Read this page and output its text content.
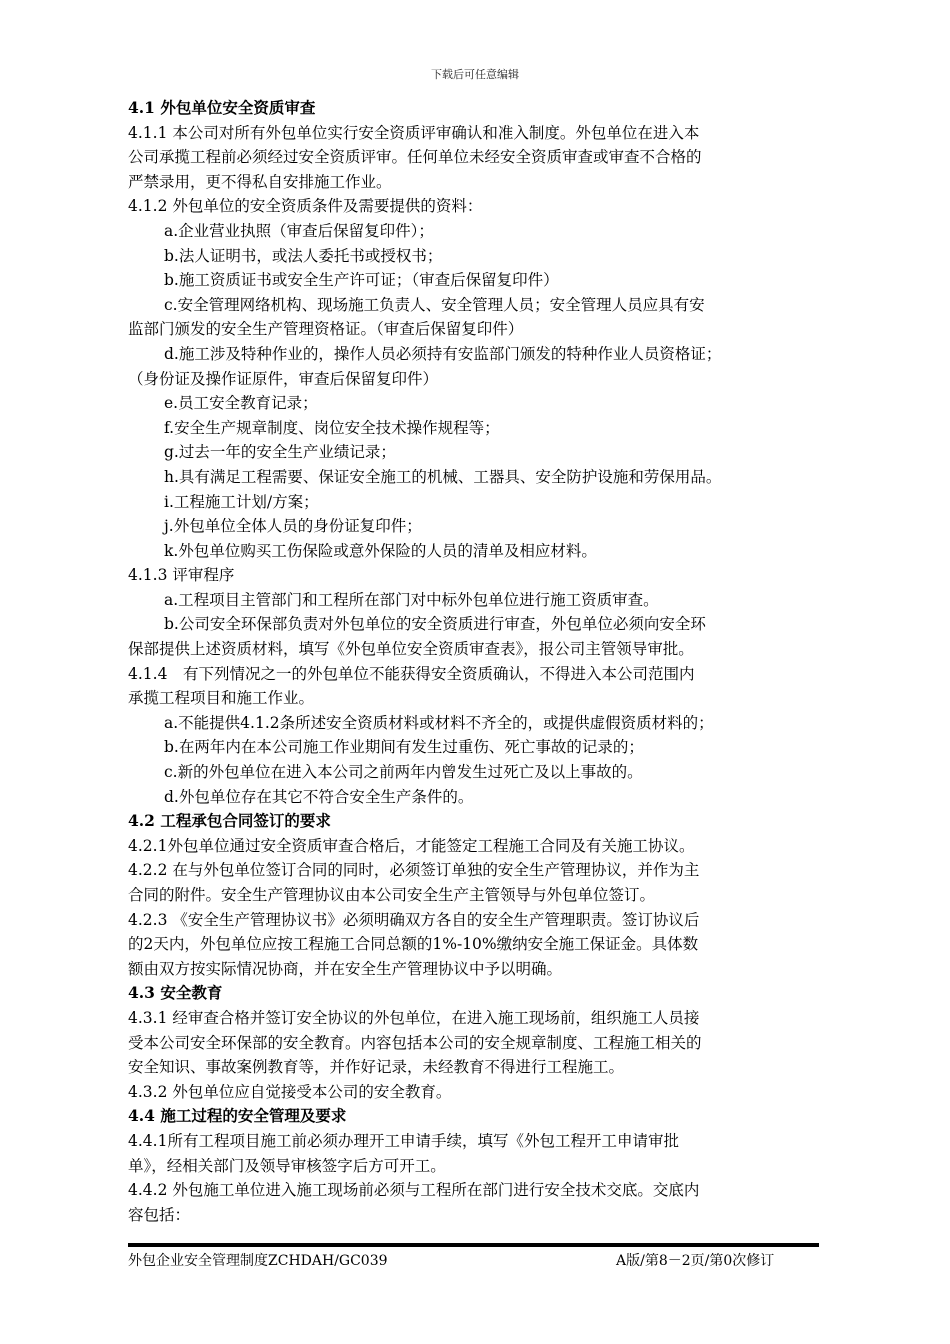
下载后可任意编辑
4.1 外包单位安全资质审查
4.1.1 本公司对所有外包单位实行安全资质评审确认和准入制度。外包单位在进入本
公司承揽工程前必须经过安全资质评审。任何单位未经安全资质审查或审查不合格的
严禁录用，更不得私自安排施工作业。
4.1.2 外包单位的安全资质条件及需要提供的资料：
a.企业营业执照（审查后保留复印件）；
b.法人证明书，或法人委托书或授权书；
b.施工资质证书或安全生产许可证；（审查后保留复印件）
c.安全管理网络机构、现场施工负责人、安全管理人员；安全管理人员应具有安
监部门颁发的安全生产管理资格证。（审查后保留复印件）
d.施工涉及特种作业的，操作人员必须持有安监部门颁发的特种作业人员资格证；
（身份证及操作证原件，审查后保留复印件）
e.员工安全教育记录；
f.安全生产规章制度、岗位安全技术操作规程等；
g.过去一年的安全生产业绩记录；
h.具有满足工程需要、保证安全施工的机械、工器具、安全防护设施和劳保用品。
i.工程施工计划/方案；
j.外包单位全体人员的身份证复印件；
k.外包单位购买工伤保险或意外保险的人员的清单及相应材料。
4.1.3 评审程序
a.工程项目主管部门和工程所在部门对中标外包单位进行施工资质审查。
b.公司安全环保部负责对外包单位的安全资质进行审查，外包单位必须向安全环
保部提供上述资质材料，填写《外包单位安全资质审查表》，报公司主管领导审批。
4.1.4　有下列情况之一的外包单位不能获得安全资质确认，不得进入本公司范围内
承揽工程项目和施工作业。
a.不能提供4.1.2条所述安全资质材料或材料不齐全的，或提供虚假资质材料的；
b.在两年内在本公司施工作业期间有发生过重伤、死亡事故的记录的；
c.新的外包单位在进入本公司之前两年内曾发生过死亡及以上事故的。
d.外包单位存在其它不符合安全生产条件的。
4.2 工程承包合同签订的要求
4.2.1外包单位通过安全资质审查合格后，才能签定工程施工合同及有关施工协议。
4.2.2 在与外包单位签订合同的同时，必须签订单独的安全生产管理协议，并作为主
合同的附件。安全生产管理协议由本公司安全生产主管领导与外包单位签订。
4.2.3 《安全生产管理协议书》必须明确双方各自的安全生产管理职责。签订协议后
的2天内，外包单位应按工程施工合同总额的1%-10%缴纳安全施工保证金。具体数
额由双方按实际情况协商，并在安全生产管理协议中予以明确。
4.3 安全教育
4.3.1 经审查合格并签订安全协议的外包单位，在进入施工现场前，组织施工人员接
受本公司安全环保部的安全教育。内容包括本公司的安全规章制度、工程施工相关的
安全知识、事故案例教育等，并作好记录，未经教育不得进行工程施工。
4.3.2 外包单位应自觉接受本公司的安全教育。
4.4 施工过程的安全管理及要求
4.4.1所有工程项目施工前必须办理开工申请手续，填写《外包工程开工申请审批
单》，经相关部门及领导审核签字后方可开工。
4.4.2 外包施工单位进入施工现场前必须与工程所在部门进行安全技术交底。交底内
容包括：
外包企业安全管理制度ZCHDAH/GC039	A版/第8－2页/第0次修订
